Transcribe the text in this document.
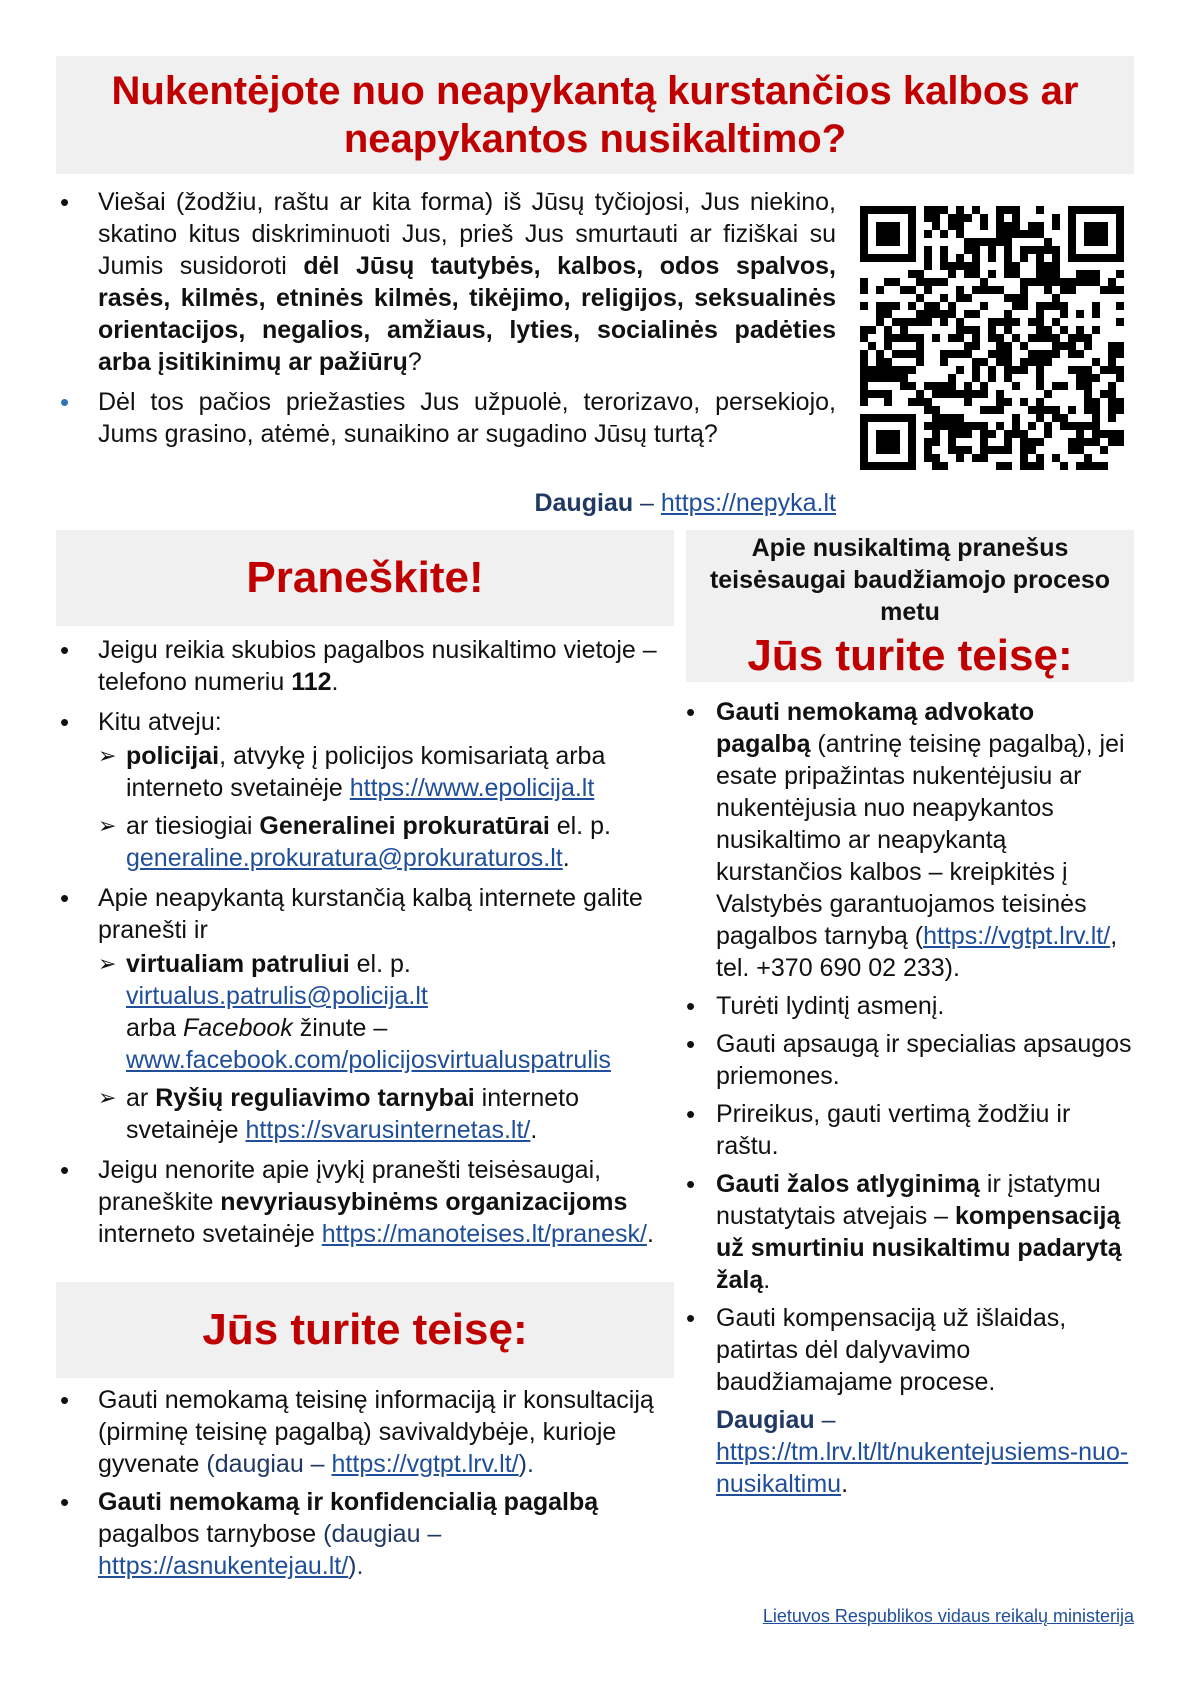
Nukentėjote nuo neapykantą kurstančios kalbos ar neapykantos nusikaltimo?
• Viešai (žodžiu, raštu ar kita forma) iš Jūsų tyčiojosi, Jus niekino, skatino kitus diskriminuoti Jus, prieš Jus smurtauti ar fiziškai su Jumis susidoroti dėl Jūsų tautybės, kalbos, odos spalvos, rasės, kilmės, etninės kilmės, tikėjimo, religijos, seksualinės orientacijos, negalios, amžiaus, lyties, socialinės padėties arba įsitikinimų ar pažiūrų?
• Dėl tos pačios priežasties Jus užpuolė, terorizavo, persekiojo, Jums grasino, atėmė, sunaikino ar sugadino Jūsų turtą?
Daugiau – https://nepyka.lt
Praneškite!
• Jeigu reikia skubios pagalbos nusikaltimo vietoje – telefono numeriu 112.
• Kitu atveju:
➢ policijai, atvykę į policijos komisariatą arba interneto svetainėje https://www.epolicija.lt
➢ ar tiesiogiai Generalinei prokuratūrai el. p. generaline.prokuratura@prokuraturos.lt.
• Apie neapykantą kurstančią kalbą internete galite pranešti ir
➢ virtualiam patruliui el. p.
virtualus.patrulis@policija.lt
arba Facebook žinute –
www.facebook.com/policijosvirtualuspatrulis
➢ ar Ryšių reguliavimo tarnybai interneto svetainėje https://svarusinternetas.lt/.
• Jeigu nenorite apie įvykį pranešti teisėsaugai, praneškite nevyriausybinėms organizacijoms interneto svetainėje https://manoteises.lt/pranesk/.
Jūs turite teisę:
• Gauti nemokamą teisinę informaciją ir konsultaciją (pirminę teisinę pagalbą) savivaldybėje, kurioje gyvenate (daugiau – https://vgtpt.lrv.lt/).
• Gauti nemokamą ir konfidencialią pagalbą pagalbos tarnybose (daugiau – https://asnukentejau.lt/).
Apie nusikaltimą pranešus teisėsaugai baudžiamojo proceso metu
Jūs turite teisę:
• Gauti nemokamą advokato pagalbą (antrinę teisinę pagalbą), jei esate pripažintas nukentėjusiu ar nukentėjusia nuo neapykantos nusikaltimo ar neapykantą kurstančios kalbos – kreipkitės į Valstybės garantuojamos teisinės pagalbos tarnybą (https://vgtpt.lrv.lt/, tel. +370 690 02 233).
• Turėti lydintį asmenį.
• Gauti apsaugą ir specialias apsaugos priemones.
• Prireikus, gauti vertimą žodžiu ir raštu.
• Gauti žalos atlyginimą ir įstatymu nustatytais atvejais – kompensaciją už smurtiniu nusikaltimu padarytą žalą.
• Gauti kompensaciją už išlaidas, patirtas dėl dalyvavimo baudžiamajame procese.
Daugiau –
https://tm.lrv.lt/lt/nukentejusiems-nuo-nusikaltimu.
Lietuvos Respublikos vidaus reikalų ministerija
